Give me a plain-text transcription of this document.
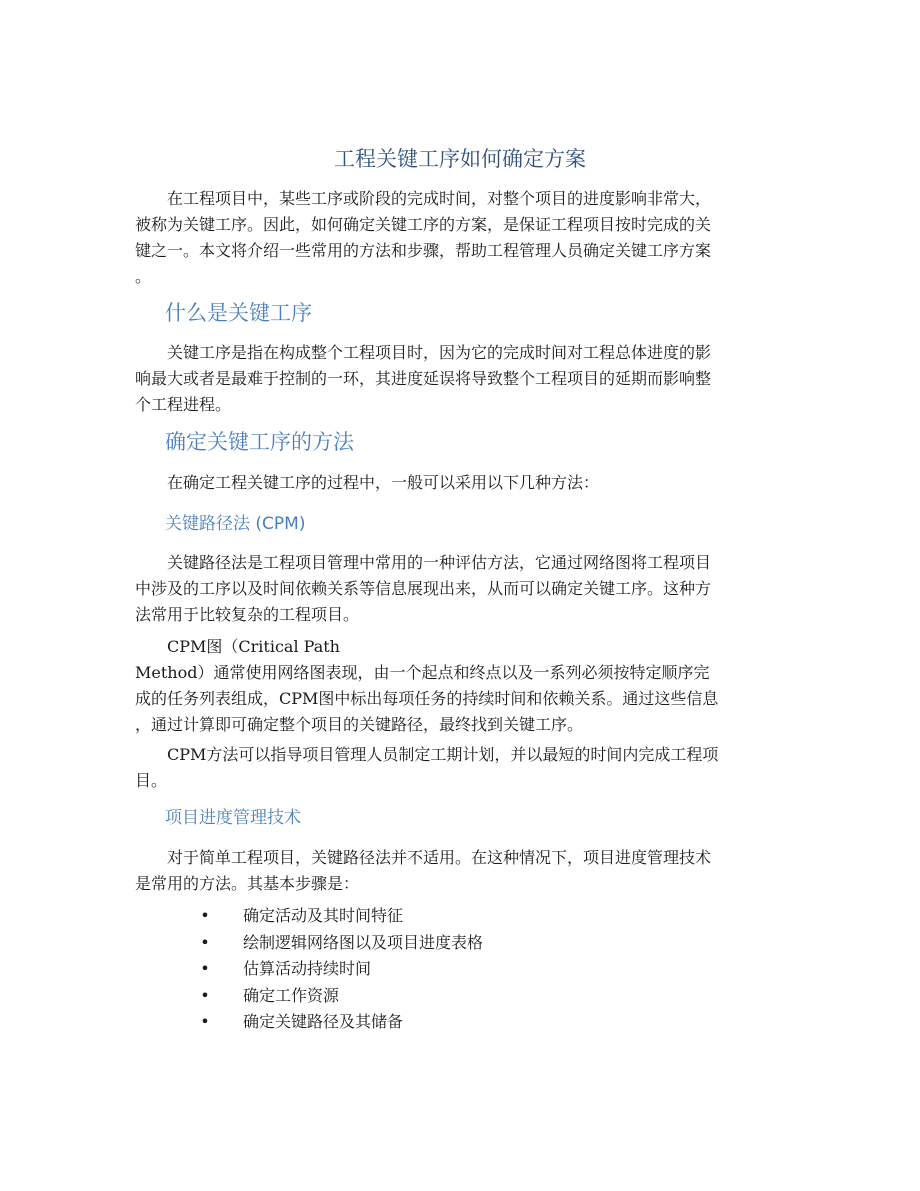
工程关键工序如何确定方案
在工程项目中，某些工序或阶段的完成时间，对整个项目的进度影响非常大，
被称为关键工序。因此，如何确定关键工序的方案，是保证工程项目按时完成的关
键之一。本文将介绍一些常用的方法和步骤，帮助工程管理人员确定关键工序方案
。
什么是关键工序
关键工序是指在构成整个工程项目时，因为它的完成时间对工程总体进度的影
响最大或者是最难于控制的一环，其进度延误将导致整个工程项目的延期而影响整
个工程进程。
确定关键工序的方法
在确定工程关键工序的过程中，一般可以采用以下几种方法：
关键路径法 (CPM)
关键路径法是工程项目管理中常用的一种评估方法，它通过网络图将工程项目
中涉及的工序以及时间依赖关系等信息展现出来，从而可以确定关键工序。这种方
法常用于比较复杂的工程项目。
CPM图（Critical Path
Method）通常使用网络图表现，由一个起点和终点以及一系列必须按特定顺序完
成的任务列表组成，CPM图中标出每项任务的持续时间和依赖关系。通过这些信息
，通过计算即可确定整个项目的关键路径，最终找到关键工序。
CPM方法可以指导项目管理人员制定工期计划，并以最短的时间内完成工程项
目。
项目进度管理技术
对于简单工程项目，关键路径法并不适用。在这种情况下，项目进度管理技术
是常用的方法。其基本步骤是：
• 确定活动及其时间特征
• 绘制逻辑网络图以及项目进度表格
• 估算活动持续时间
• 确定工作资源
• 确定关键路径及其储备
